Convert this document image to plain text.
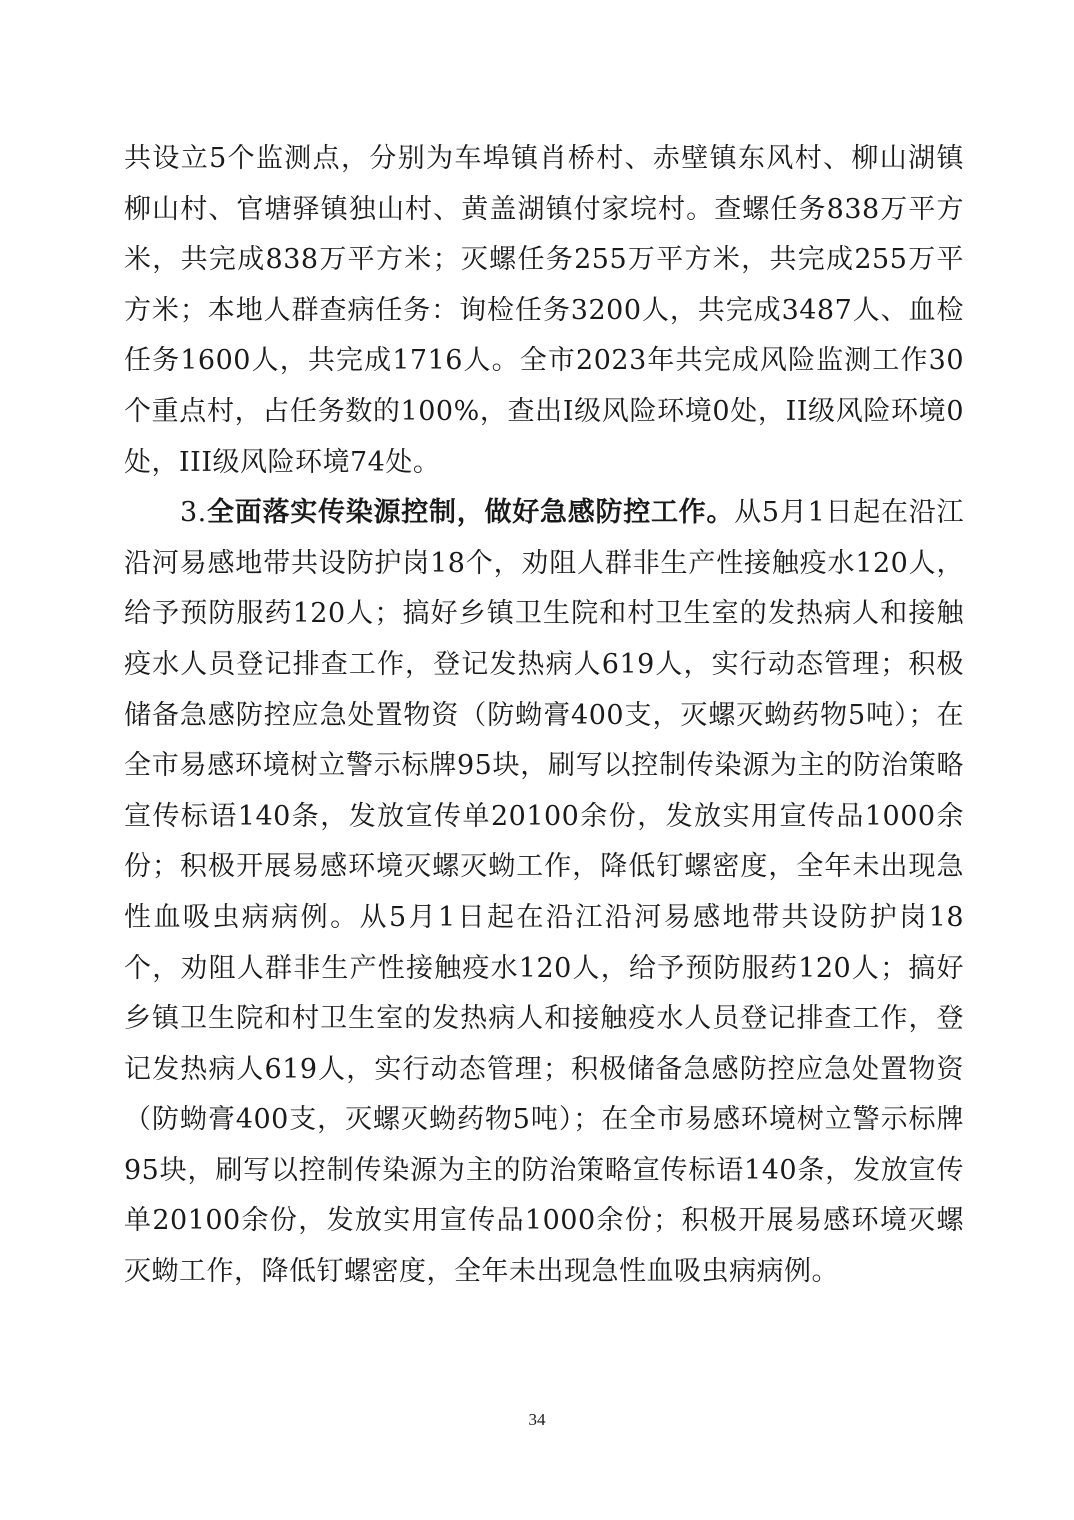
共设立5个监测点，分别为车埠镇肖桥村、赤壁镇东风村、柳山湖镇柳山村、官塘驿镇独山村、黄盖湖镇付家垸村。查螺任务838万平方米，共完成838万平方米；灭螺任务255万平方米，共完成255万平方米；本地人群查病任务：询检任务3200人，共完成3487人、血检任务1600人，共完成1716人。全市2023年共完成风险监测工作30个重点村，占任务数的100%，查出I级风险环境0处，II级风险环境0处，III级风险环境74处。

3.全面落实传染源控制，做好急感防控工作。从5月1日起在沿江沿河易感地带共设防护岗18个，劝阻人群非生产性接触疫水120人，给予预防服药120人；搞好乡镇卫生院和村卫生室的发热病人和接触疫水人员登记排查工作，登记发热病人619人，实行动态管理；积极储备急感防控应急处置物资（防蚴膏400支，灭螺灭蚴药物5吨）；在全市易感环境树立警示标牌95块，刷写以控制传染源为主的防治策略宣传标语140条，发放宣传单20100余份，发放实用宣传品1000余份；积极开展易感环境灭螺灭蚴工作，降低钉螺密度，全年未出现急性血吸虫病病例。从5月1日起在沿江沿河易感地带共设防护岗18个，劝阻人群非生产性接触疫水120人，给予预防服药120人；搞好乡镇卫生院和村卫生室的发热病人和接触疫水人员登记排查工作，登记发热病人619人，实行动态管理；积极储备急感防控应急处置物资（防蚴膏400支，灭螺灭蚴药物5吨）；在全市易感环境树立警示标牌95块，刷写以控制传染源为主的防治策略宣传标语140条，发放宣传单20100余份，发放实用宣传品1000余份；积极开展易感环境灭螺灭蚴工作，降低钉螺密度，全年未出现急性血吸虫病病例。

34
